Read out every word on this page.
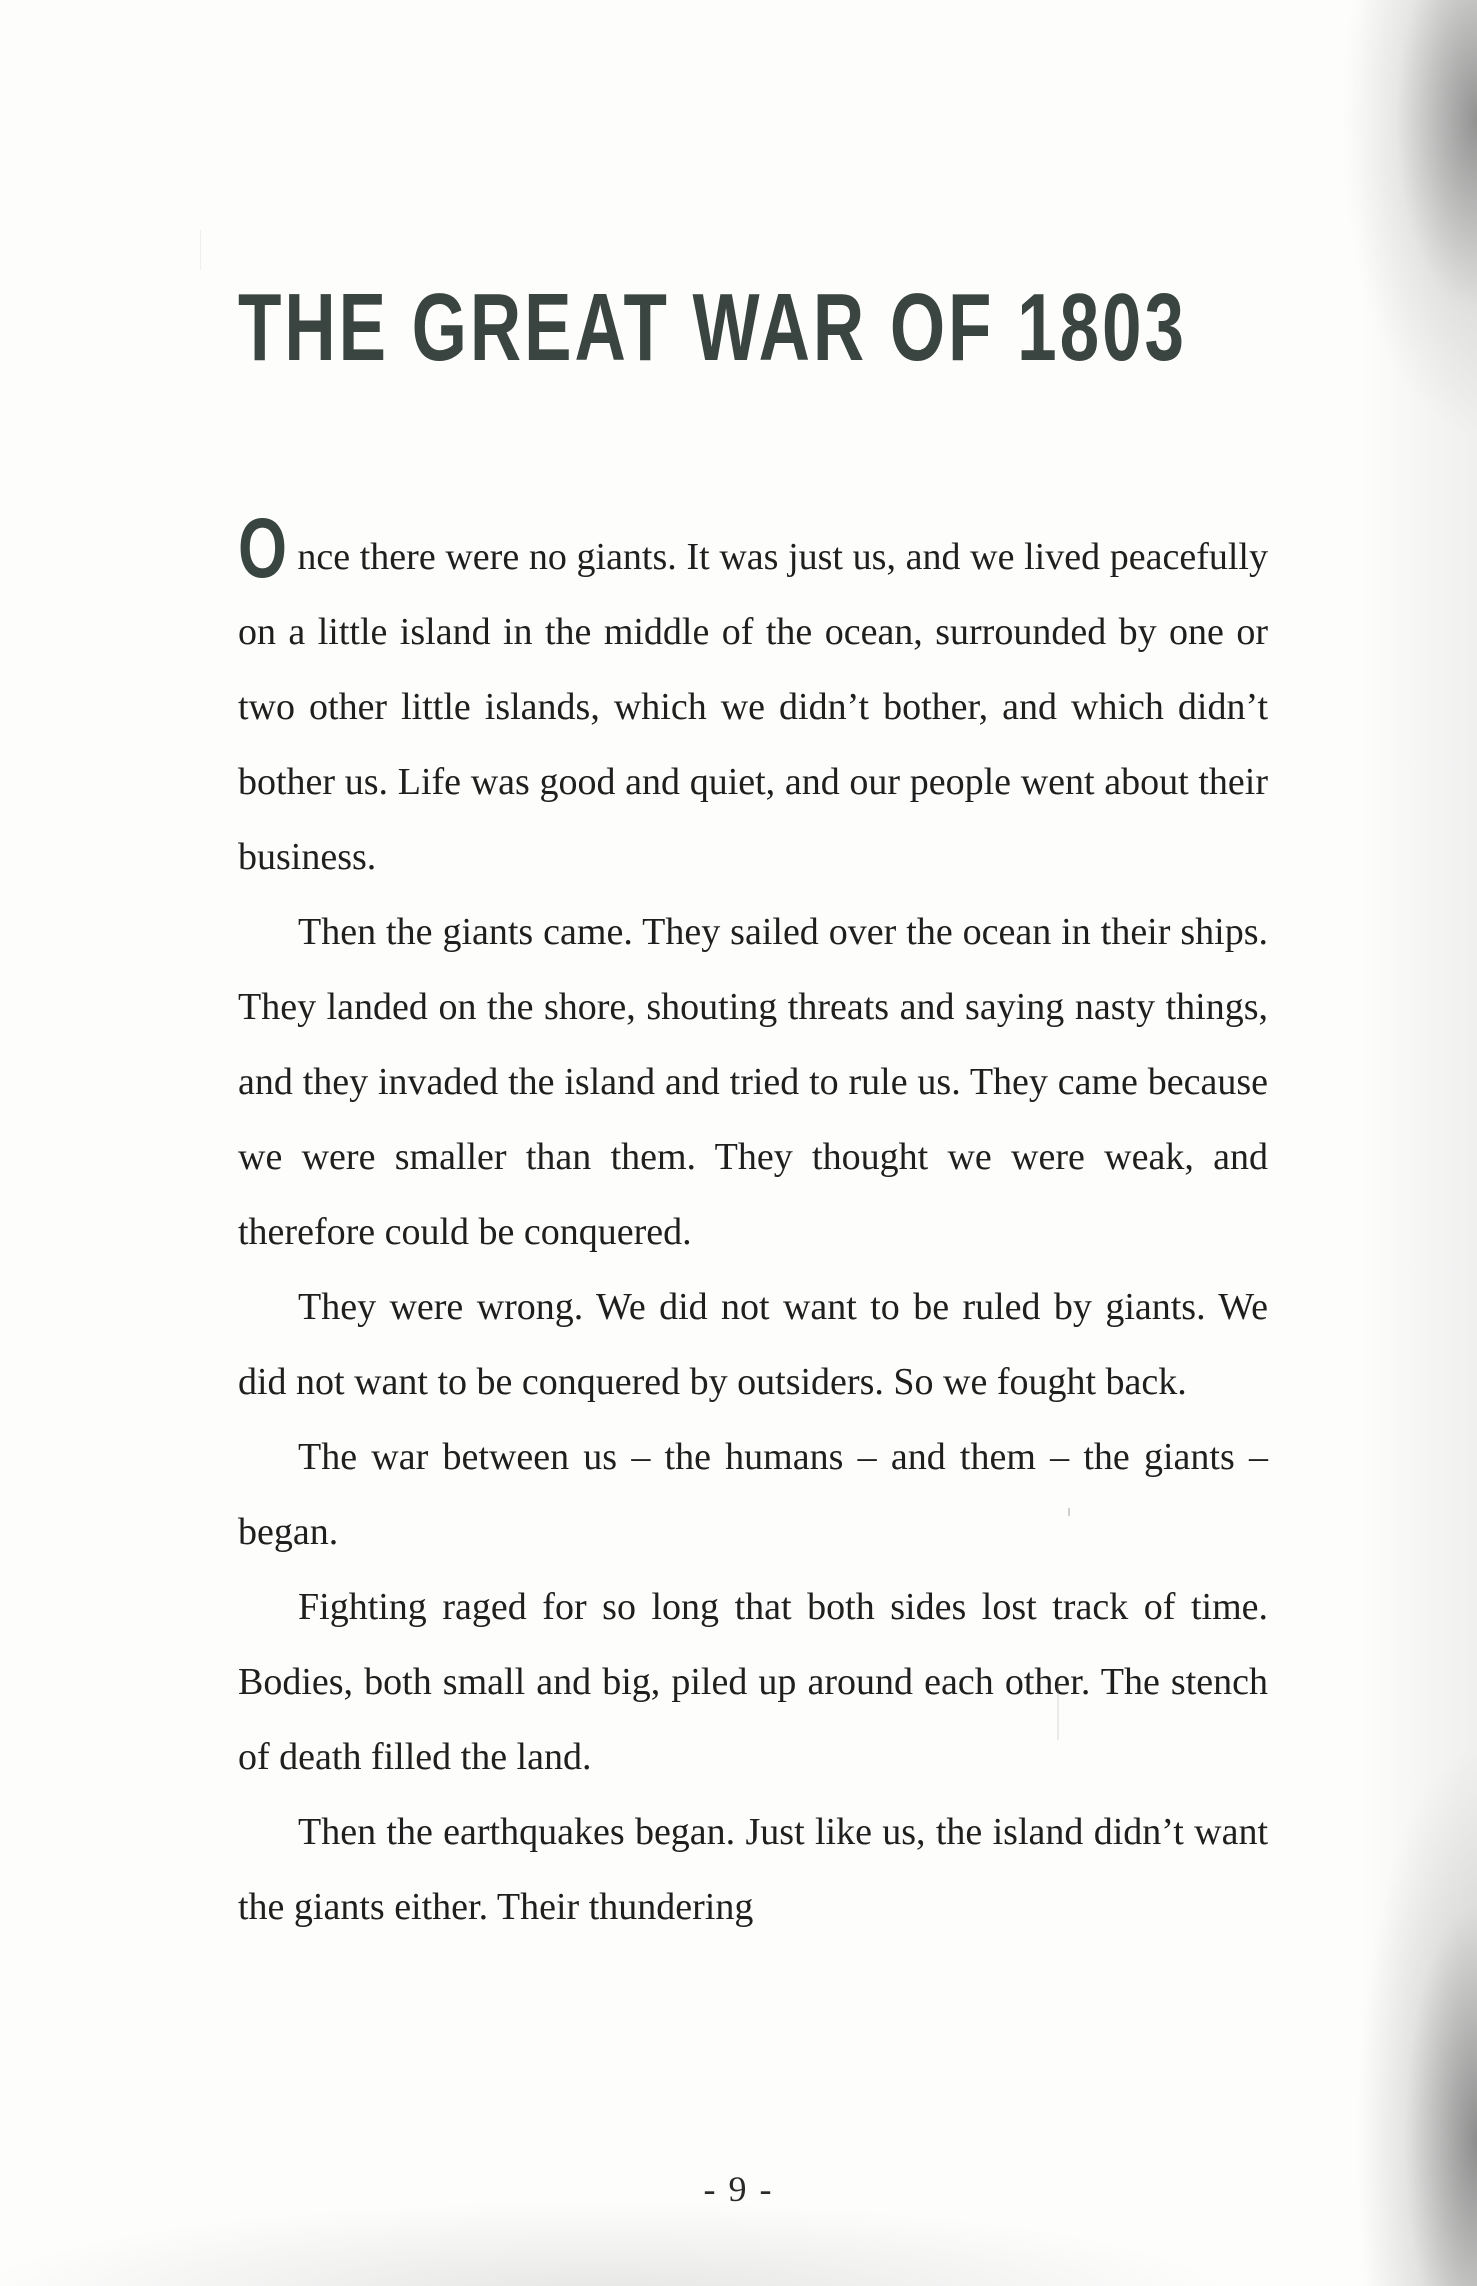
THE GREAT WAR OF 1803

Once there were no giants. It was just us, and we lived peacefully on a little island in the middle of the ocean, surrounded by one or two other little islands, which we didn’t bother, and which didn’t bother us. Life was good and quiet, and our people went about their business.

Then the giants came. They sailed over the ocean in their ships. They landed on the shore, shouting threats and saying nasty things, and they invaded the island and tried to rule us. They came because we were smaller than them. They thought we were weak, and therefore could be conquered.

They were wrong. We did not want to be ruled by giants. We did not want to be conquered by outsiders. So we fought back.

The war between us – the humans – and them – the giants – began.

Fighting raged for so long that both sides lost track of time. Bodies, both small and big, piled up around each other. The stench of death filled the land.

Then the earthquakes began. Just like us, the island didn’t want the giants either. Their thundering

- 9 -
